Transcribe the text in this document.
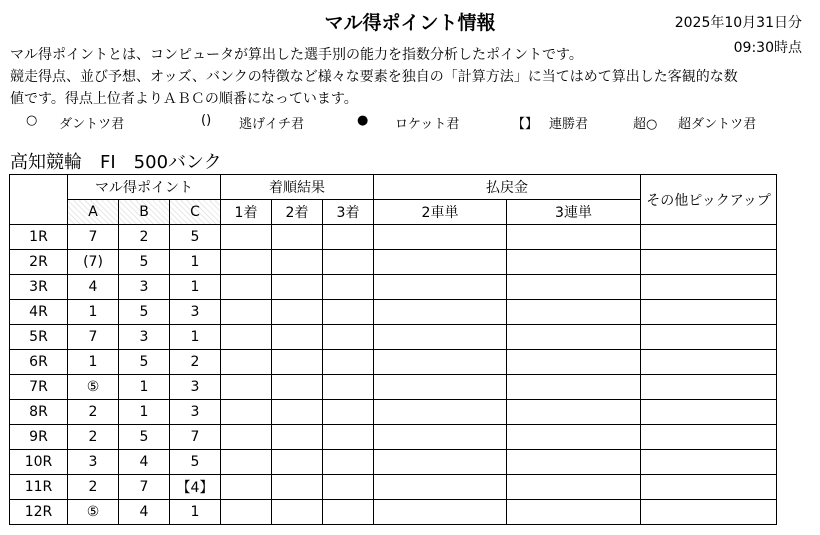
マル得ポイント情報	2025年10月31日分
09:30時点
マル得ポイントとは、コンピュータが算出した選手別の能力を指数分析したポイントです。
競走得点、並び予想、オッズ、バンクの特徴など様々な要素を独自の「計算方法」に当てはめて算出した客観的な数
値です。得点上位者よりＡＢＣの順番になっています。
○	ダントツ君	()	逃げイチ君	●	ロケット君	【】 連勝君	超○	超ダントツ君
高知競輪　FI　500バンク
	マル得ポイント			着順結果			払戻金		その他ピックアップ
	A	B	C	1着	2着	3着	2車単	3連単	
1R	7	2	5						
2R	(7)	5	1						
3R	4	3	1						
4R	1	5	3						
5R	7	3	1						
6R	1	5	2						
7R	⑤	1	3						
8R	2	1	3						
9R	2	5	7						
10R	3	4	5						
11R	2	7	【4】						
12R	⑤	4	1						
